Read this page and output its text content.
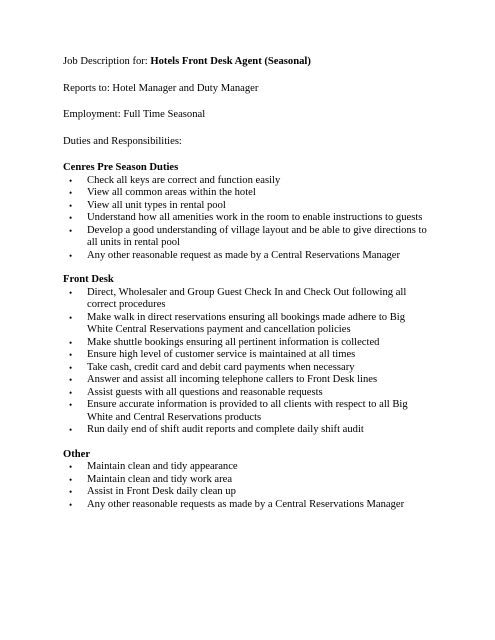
Job Description for: Hotels Front Desk Agent (Seasonal)

Reports to: Hotel Manager and Duty Manager

Employment: Full Time Seasonal

Duties and Responsibilities:

Cenres Pre Season Duties

• Check all keys are correct and function easily
• View all common areas within the hotel
• View all unit types in rental pool
• Understand how all amenities work in the room to enable instructions to guests
• Develop a good understanding of village layout and be able to give directions to all units in rental pool
• Any other reasonable request as made by a Central Reservations Manager

Front Desk

• Direct, Wholesaler and Group Guest Check In and Check Out following all correct procedures
• Make walk in direct reservations ensuring all bookings made adhere to Big White Central Reservations payment and cancellation policies
• Make shuttle bookings ensuring all pertinent information is collected
• Ensure high level of customer service is maintained at all times
• Take cash, credit card and debit card payments when necessary
• Answer and assist all incoming telephone callers to Front Desk lines
• Assist guests with all questions and reasonable requests
• Ensure accurate information is provided to all clients with respect to all Big White and Central Reservations products
• Run daily end of shift audit reports and complete daily shift audit

Other

• Maintain clean and tidy appearance
• Maintain clean and tidy work area
• Assist in Front Desk daily clean up
• Any other reasonable requests as made by a Central Reservations Manager
